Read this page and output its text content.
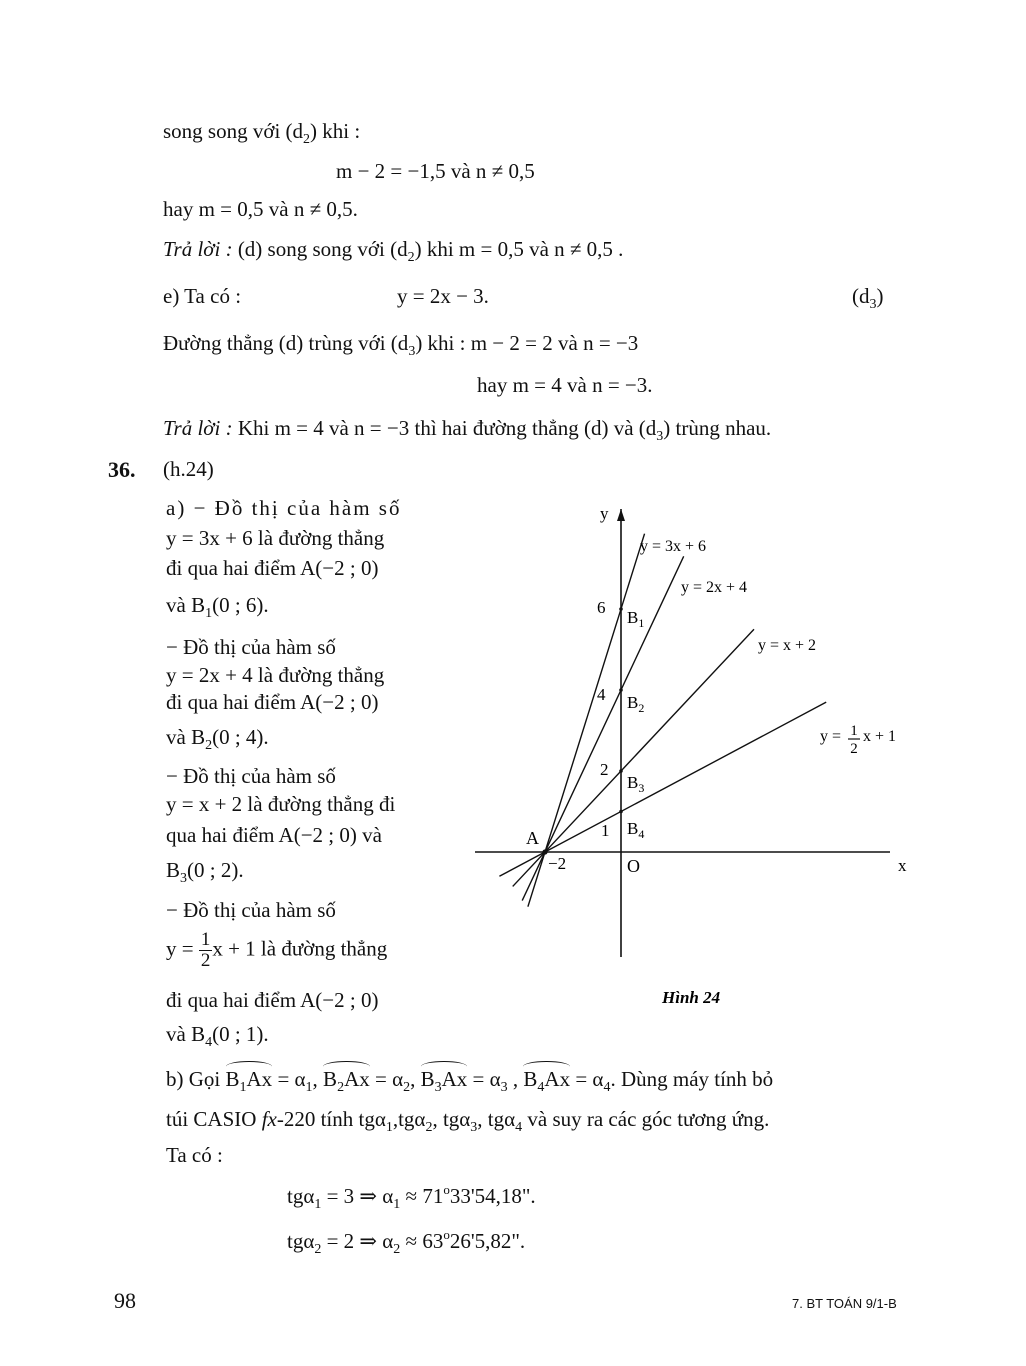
song song với $(d_2)$ khi :
m − 2 = −1,5 và n ≠ 0,5
hay m = 0,5 và n ≠ 0,5.
Trả lời : (d) song song với $(d_2)$ khi m = 0,5 và n ≠ 0,5 .
e) Ta có :	y = 2x − 3.	$(d_3)$
Đường thẳng (d) trùng với $(d_3)$ khi : m − 2 = 2 và n = −3
hay m = 4 và n = −3.
Trả lời : Khi m = 4 và n = −3 thì hai đường thẳng (d) và $(d_3)$ trùng nhau.
36. (h.24)
a) − Đồ thị của hàm số
y = 3x + 6 là đường thẳng
đi qua hai điểm A(−2 ; 0)
và $B_1(0$ ; 6).
− Đồ thị của hàm số
y = 2x + 4 là đường thẳng
đi qua hai điểm A(−2 ; 0)
và $B_2(0$ ; 4).
− Đồ thị của hàm số
y = x + 2 là đường thẳng đi
qua hai điểm A(−2 ; 0) và
$B_3(0$ ; 2).
− Đồ thị của hàm số
$y = \frac{1}{2}$ x + 1 là đường thẳng
đi qua hai điểm A(−2 ; 0)
và $B_4(0$ ; 1).
y
x
O
A
−2
1
2
4
6
$B_1$
$B_2$
$B_3$
$B_4$
y = 3x + 6
y = 2x + 4
y = x + 2
y = 1
2
x + 1
Hình 24
b) Gọi $B_1Ax = \alpha_1$, $B_2Ax = \alpha_2$, $B_3Ax = \alpha_3$ , $B_4Ax = \alpha_4$. Dùng máy tính bỏ
túi CASIO fx-220 tính tgα$_1$,tgα$_2$, tgα$_3$, tgα$_4$ và suy ra các góc tương ứng.
Ta có :
tgα$_1$ = 3 ⇒ $\alpha_1 \approx 71^o33'54,18$".
tgα$_2$ = 2 ⇒ $\alpha_2 \approx 63^o26'5,82$".
98	7. BT TOÁN 9/1-B
